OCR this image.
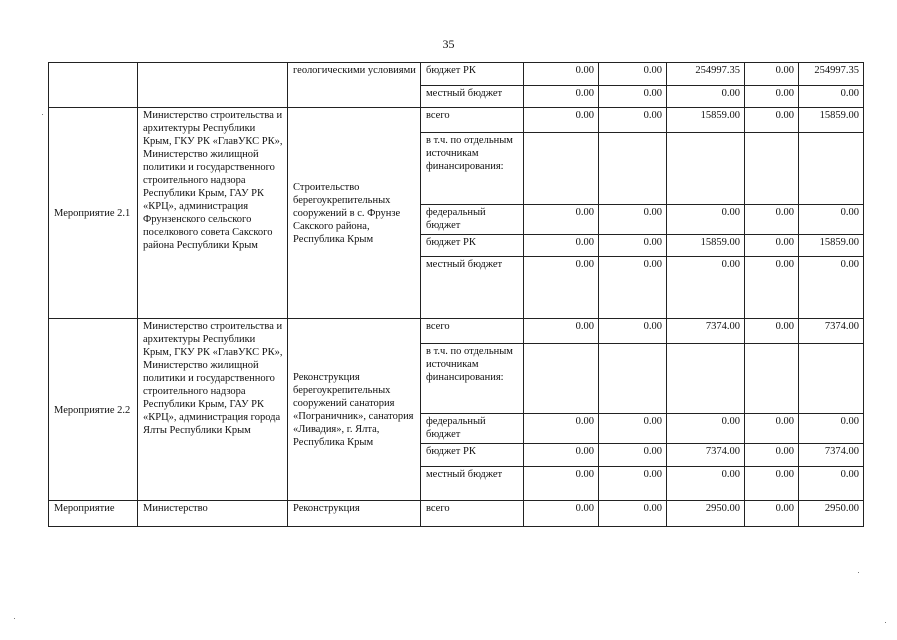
35
		геологическими условиями	бюджет РК	0.00	0.00	254997.35	0.00	254997.35
			местный бюджет	0.00	0.00	0.00	0.00	0.00
Мероприятие 2.1	Министерство строительства и архитектуры Республики Крым, ГКУ РК «ГлавУКС РК», Министерство жилищной политики и государственного строительного надзора Республики Крым, ГАУ РК «КРЦ», администрация Фрунзенского сельского поселкового совета Сакского района Республики Крым	Строительство берегоукрепительных сооружений в с. Фрунзе Сакского района, Республика Крым	всего	0.00	0.00	15859.00	0.00	15859.00
			в т.ч. по отдельным источникам финансирования:					
			федеральный бюджет	0.00	0.00	0.00	0.00	0.00
			бюджет РК	0.00	0.00	15859.00	0.00	15859.00
			местный бюджет	0.00	0.00	0.00	0.00	0.00
Мероприятие 2.2	Министерство строительства и архитектуры Республики Крым, ГКУ РК «ГлавУКС РК», Министерство жилищной политики и государственного строительного надзора Республики Крым, ГАУ РК «КРЦ», администрация города Ялты Республики Крым	Реконструкция берегоукрепительных сооружений санатория «Пограничник», санатория «Ливадия», г. Ялта, Республика Крым	всего	0.00	0.00	7374.00	0.00	7374.00
			в т.ч. по отдельным источникам финансирования:					
			федеральный бюджет	0.00	0.00	0.00	0.00	0.00
			бюджет РК	0.00	0.00	7374.00	0.00	7374.00
			местный бюджет	0.00	0.00	0.00	0.00	0.00
Мероприятие	Министерство	Реконструкция	всего	0.00	0.00	2950.00	0.00	2950.00
